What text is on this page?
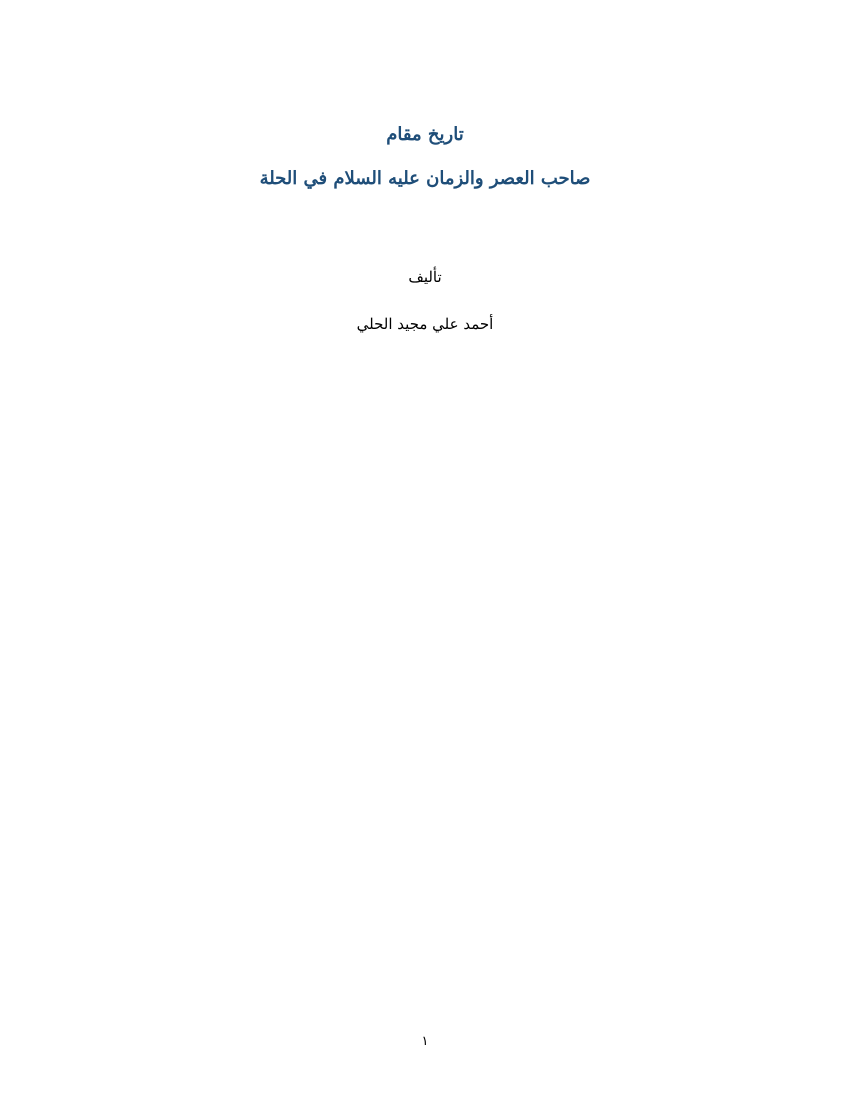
تاريخ مقام
صاحب العصر والزمان عليه السلام في الحلة
تأليف
أحمد علي مجيد الحلي
١
